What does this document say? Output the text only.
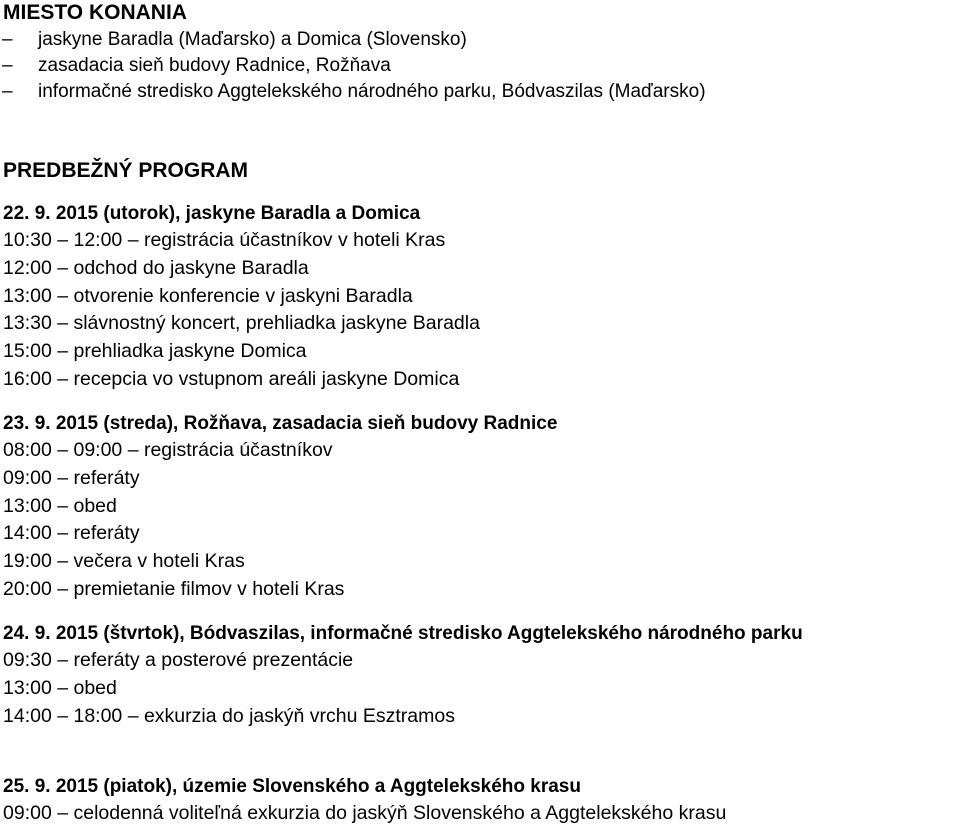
MIESTO KONANIA
–	jaskyne Baradla (Maďarsko) a Domica (Slovensko)
–	zasadacia sieň budovy Radnice, Rožňava
–	informačné stredisko Aggtelekského národného parku, Bódvaszilas (Maďarsko)
PREDBEŽNÝ PROGRAM

22. 9. 2015 (utorok), jaskyne Baradla a Domica

10:30 – 12:00 – registrácia účastníkov v hoteli Kras
12:00 – odchod do jaskyne Baradla
13:00 – otvorenie konferencie v jaskyni Baradla
13:30 – slávnostný koncert, prehliadka jaskyne Baradla
15:00 – prehliadka jaskyne Domica
16:00 – recepcia vo vstupnom areáli jaskyne Domica

23. 9. 2015 (streda), Rožňava, zasadacia sieň budovy Radnice

08:00 – 09:00 – registrácia účastníkov
09:00 – referáty
13:00 – obed
14:00 – referáty
19:00 – večera v hoteli Kras
20:00 – premietanie filmov v hoteli Kras

24. 9. 2015 (štvrtok), Bódvaszilas, informačné stredisko Aggtelekského národného parku

09:30 – referáty a posterové prezentácie
13:00 – obed
14:00 – 18:00 – exkurzia do jaskýň vrchu Esztramos

25. 9. 2015 (piatok), územie Slovenského a Aggtelekského krasu

09:00 – celodenná voliteľná exkurzia do jaskýň Slovenského a Aggtelekského krasu
